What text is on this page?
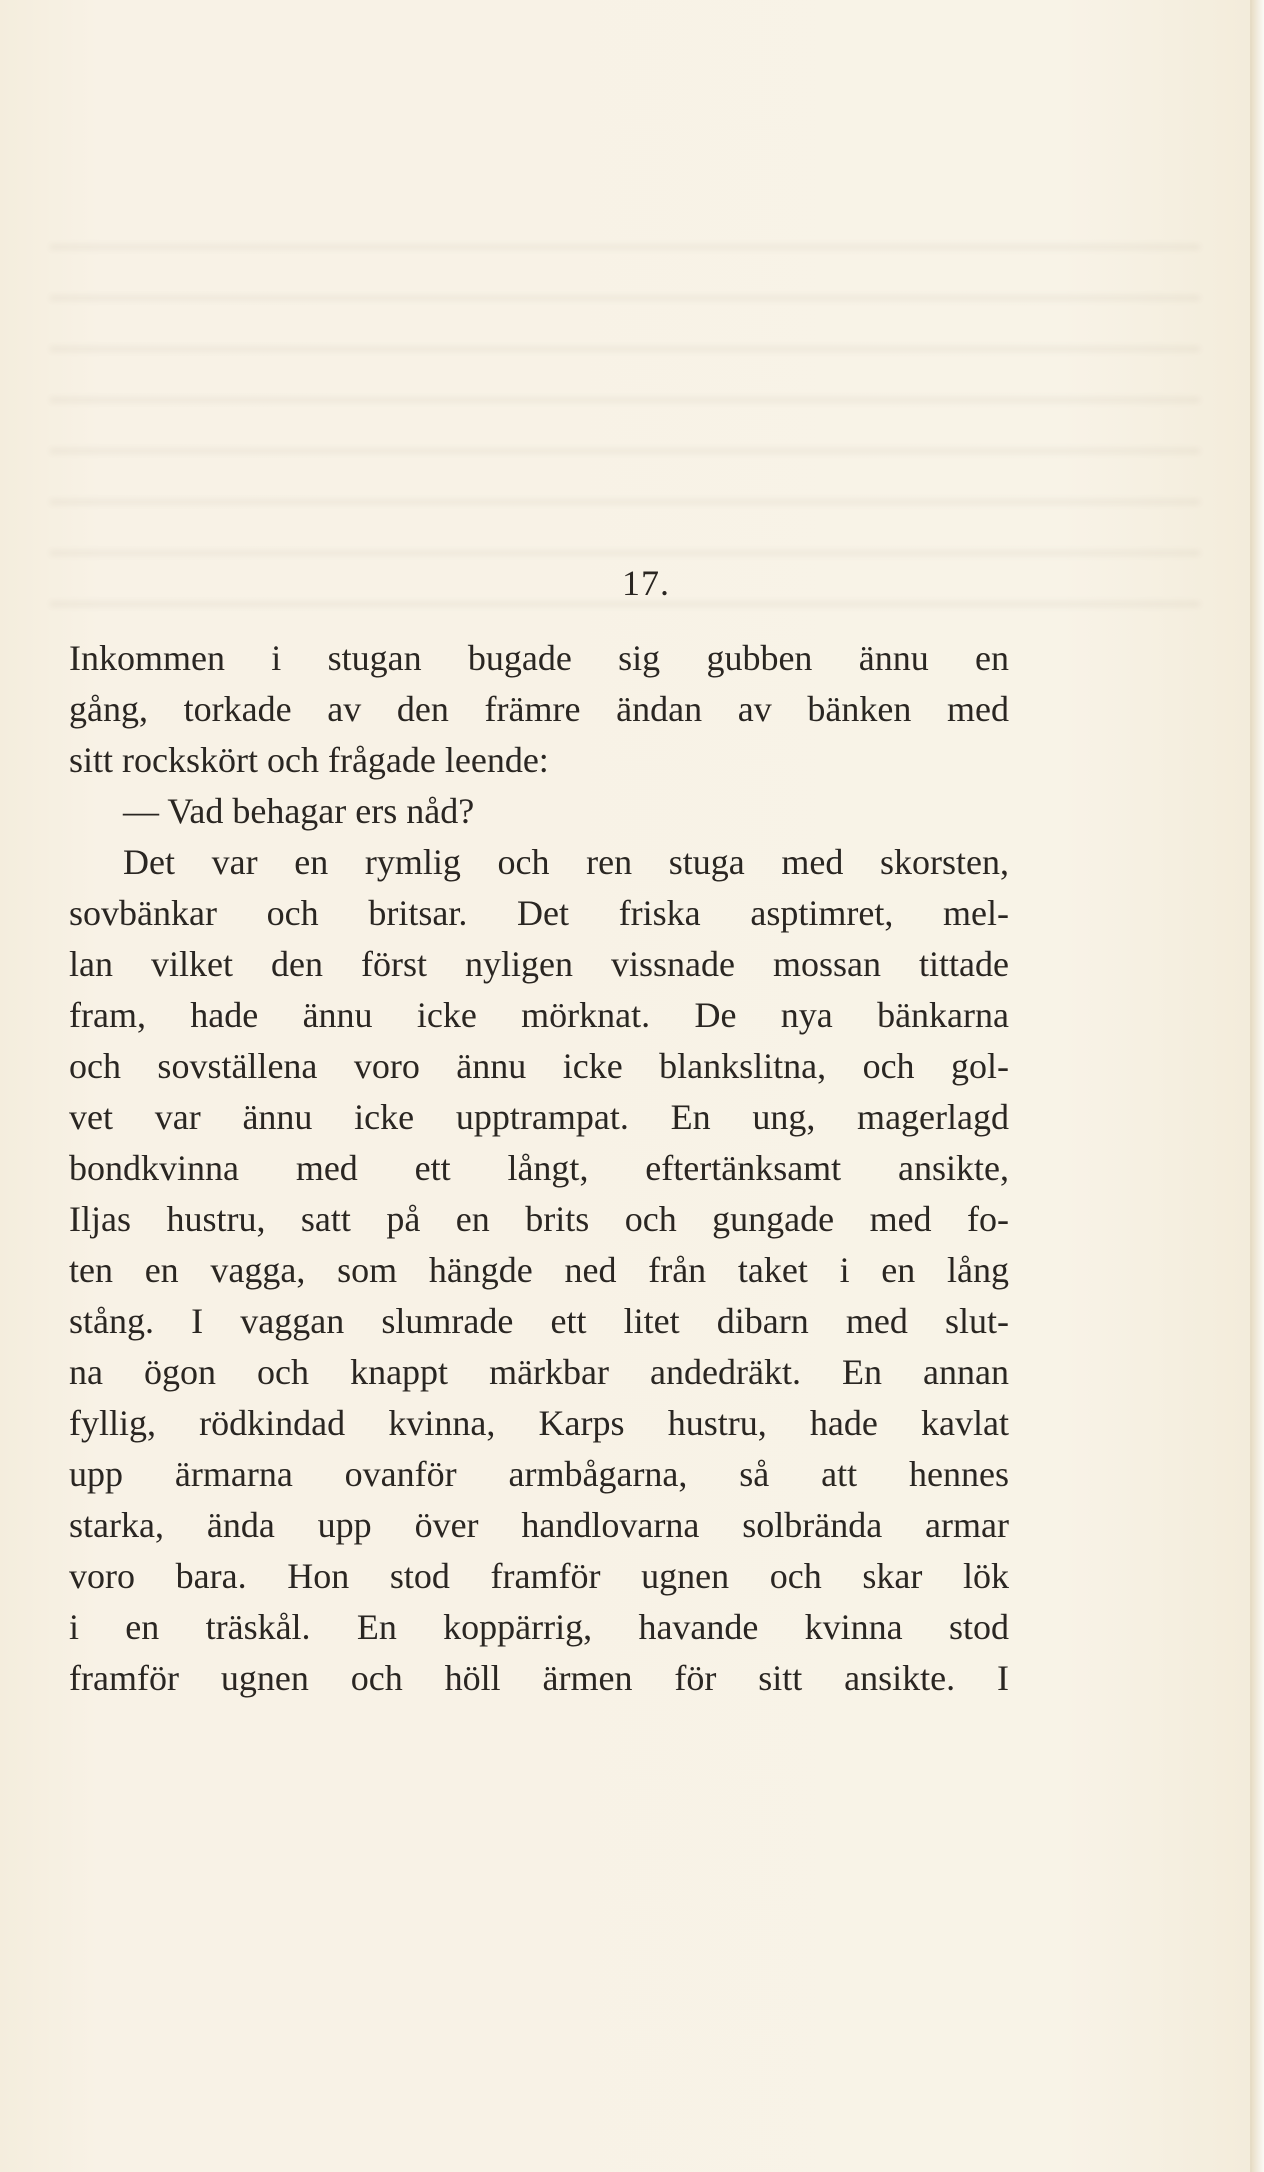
17.
Inkommen i stugan bugade sig gubben ännu en
gång, torkade av den främre ändan av bänken med
sitt rockskört och frågade leende:
— Vad behagar ers nåd?
Det var en rymlig och ren stuga med skorsten,
sovbänkar och britsar. Det friska asptimret, mel-
lan vilket den först nyligen vissnade mossan tittade
fram, hade ännu icke mörknat. De nya bänkarna
och sovställena voro ännu icke blankslitna, och gol-
vet var ännu icke upptrampat. En ung, magerlagd
bondkvinna med ett långt, eftertänksamt ansikte,
Iljas hustru, satt på en brits och gungade med fo-
ten en vagga, som hängde ned från taket i en lång
stång. I vaggan slumrade ett litet dibarn med slut-
na ögon och knappt märkbar andedräkt. En annan
fyllig, rödkindad kvinna, Karps hustru, hade kavlat
upp ärmarna ovanför armbågarna, så att hennes
starka, ända upp över handlovarna solbrända armar
voro bara. Hon stod framför ugnen och skar lök
i en träskål. En koppärrig, havande kvinna stod
framför ugnen och höll ärmen för sitt ansikte. I
